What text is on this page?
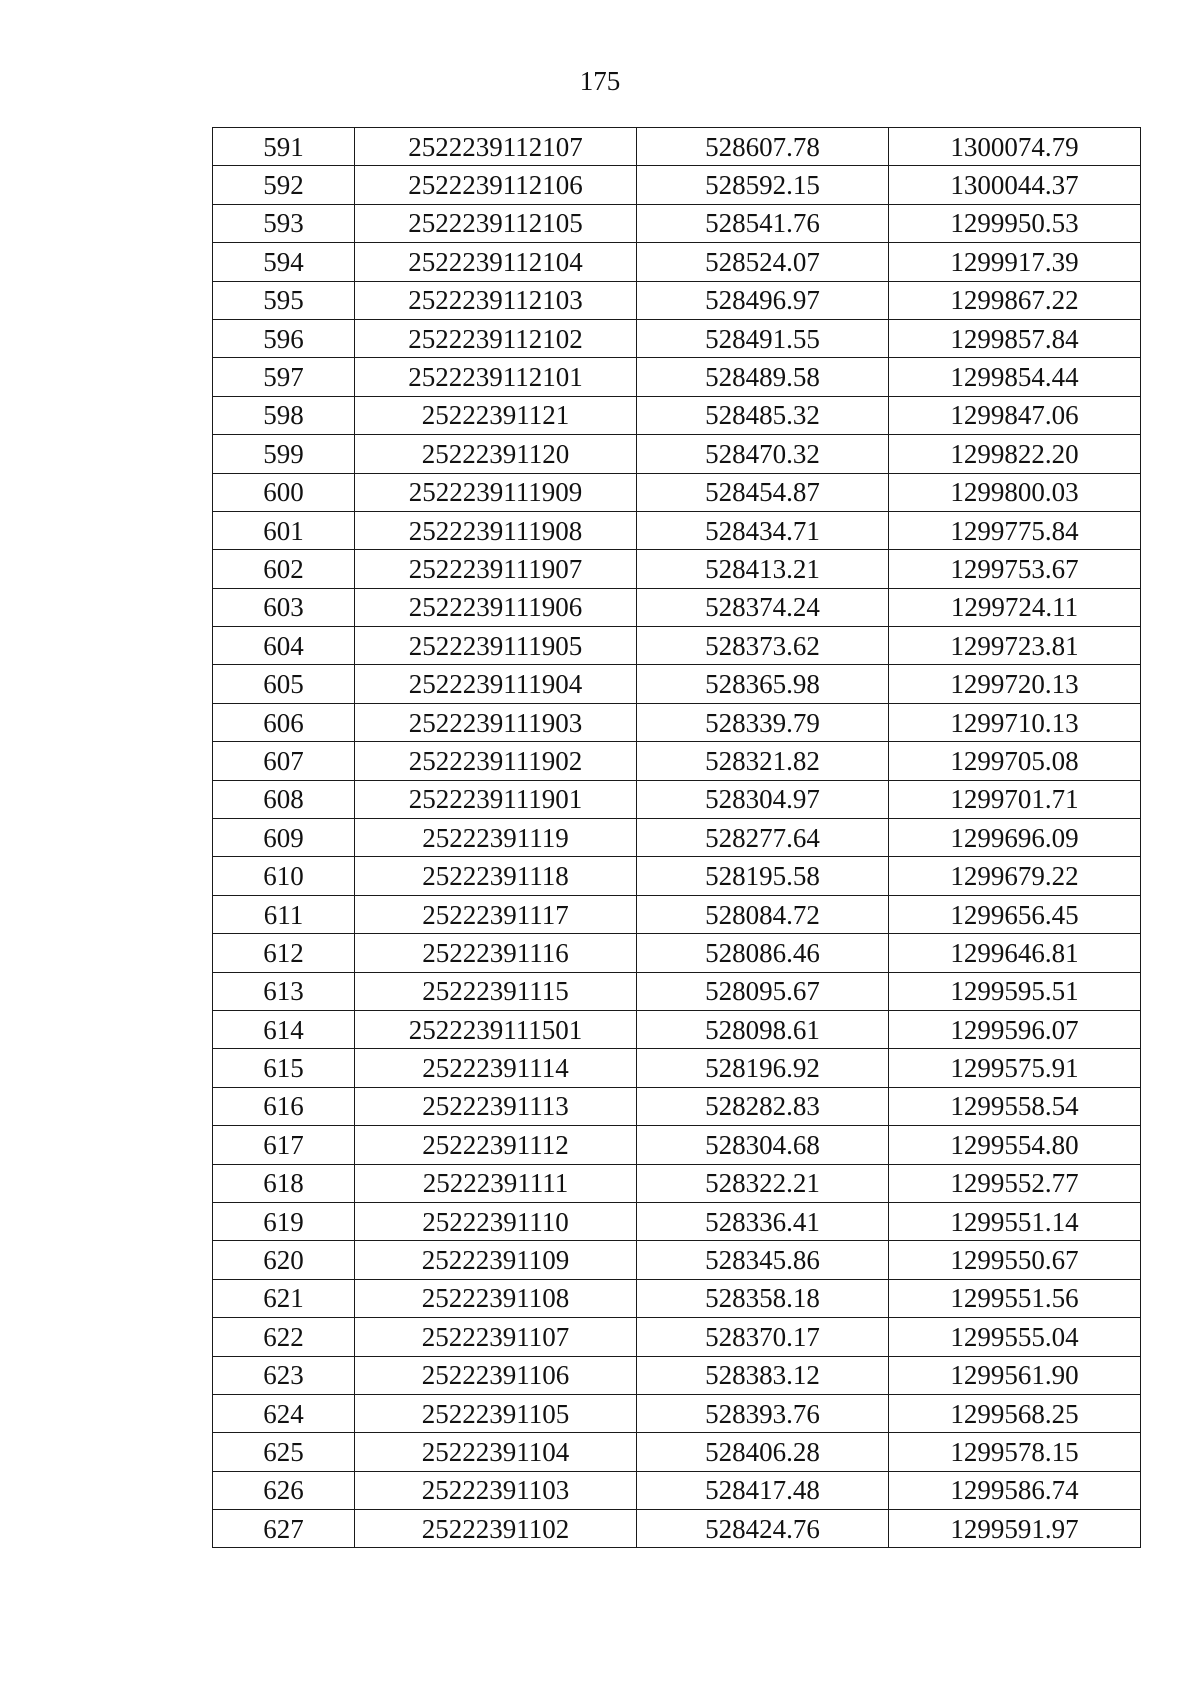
175
591	2522239112107	528607.78	1300074.79
592	2522239112106	528592.15	1300044.37
593	2522239112105	528541.76	1299950.53
594	2522239112104	528524.07	1299917.39
595	2522239112103	528496.97	1299867.22
596	2522239112102	528491.55	1299857.84
597	2522239112101	528489.58	1299854.44
598	25222391121	528485.32	1299847.06
599	25222391120	528470.32	1299822.20
600	2522239111909	528454.87	1299800.03
601	2522239111908	528434.71	1299775.84
602	2522239111907	528413.21	1299753.67
603	2522239111906	528374.24	1299724.11
604	2522239111905	528373.62	1299723.81
605	2522239111904	528365.98	1299720.13
606	2522239111903	528339.79	1299710.13
607	2522239111902	528321.82	1299705.08
608	2522239111901	528304.97	1299701.71
609	25222391119	528277.64	1299696.09
610	25222391118	528195.58	1299679.22
611	25222391117	528084.72	1299656.45
612	25222391116	528086.46	1299646.81
613	25222391115	528095.67	1299595.51
614	2522239111501	528098.61	1299596.07
615	25222391114	528196.92	1299575.91
616	25222391113	528282.83	1299558.54
617	25222391112	528304.68	1299554.80
618	25222391111	528322.21	1299552.77
619	25222391110	528336.41	1299551.14
620	25222391109	528345.86	1299550.67
621	25222391108	528358.18	1299551.56
622	25222391107	528370.17	1299555.04
623	25222391106	528383.12	1299561.90
624	25222391105	528393.76	1299568.25
625	25222391104	528406.28	1299578.15
626	25222391103	528417.48	1299586.74
627	25222391102	528424.76	1299591.97
